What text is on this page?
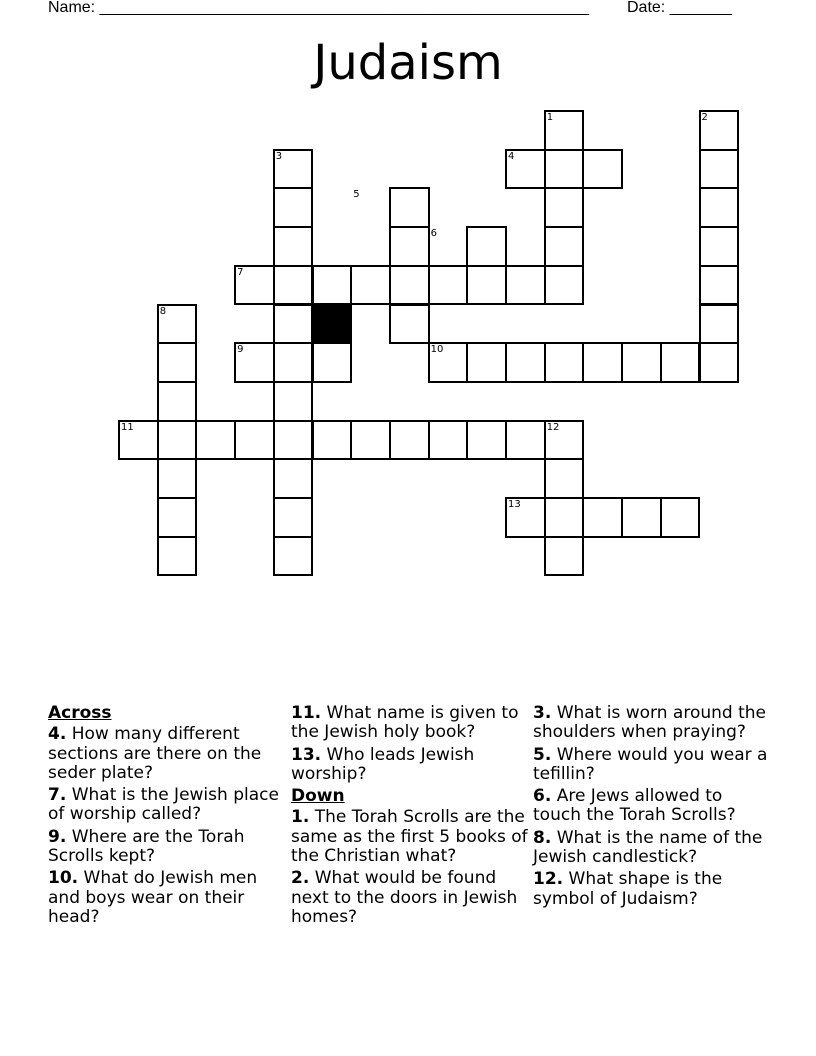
Name: _______________________________________________________ Date: _______
Judaism
1	2
3	4
5
6
7
8
9	10
11	12
13
Across
4. How many different sections are there on the seder plate?
7. What is the Jewish place of worship called?
9. Where are the Torah Scrolls kept?
10. What do Jewish men and boys wear on their head?
11. What name is given to the Jewish holy book?
13. Who leads Jewish worship?
Down
1. The Torah Scrolls are the same as the first 5 books of the Christian what?
2. What would be found next to the doors in Jewish homes?
3. What is worn around the shoulders when praying?
5. Where would you wear a tefillin?
6. Are Jews allowed to touch the Torah Scrolls?
8. What is the name of the Jewish candlestick?
12. What shape is the symbol of Judaism?
